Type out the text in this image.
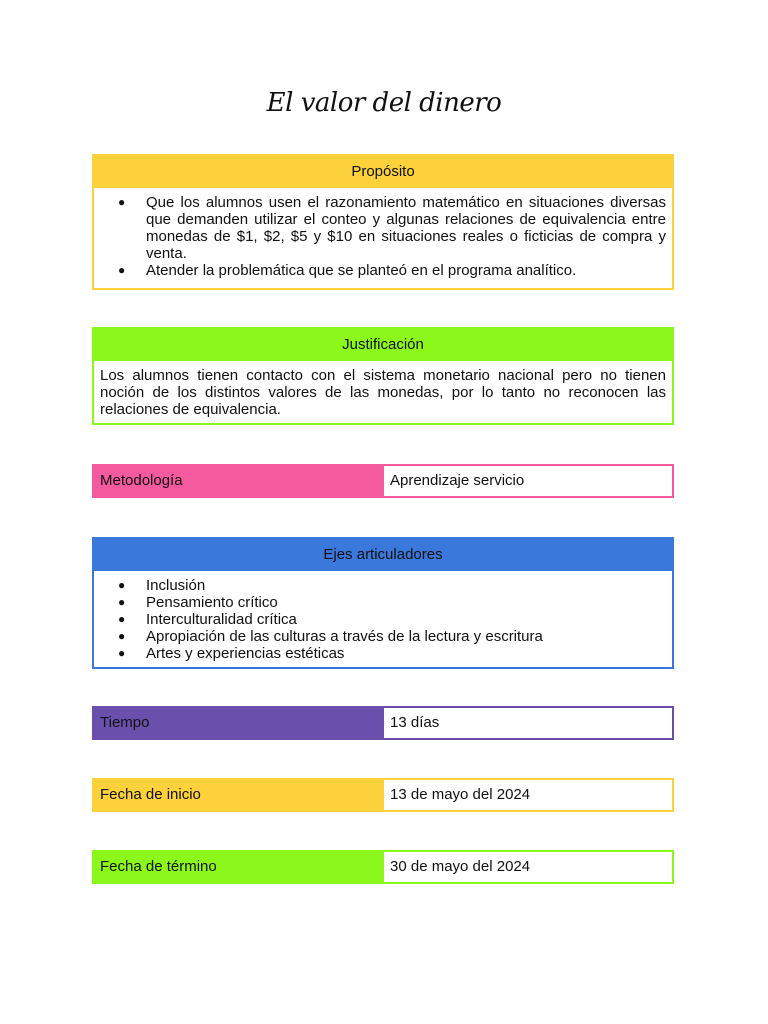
El valor del dinero
Propósito
● Que los alumnos usen el razonamiento matemático en situaciones diversas que demanden utilizar el conteo y algunas relaciones de equivalencia entre monedas de $1, $2, $5 y $10 en situaciones reales o ficticias de compra y venta.
● Atender la problemática que se planteó en el programa analítico.
Justificación
Los alumnos tienen contacto con el sistema monetario nacional pero no tienen noción de los distintos valores de las monedas, por lo tanto no reconocen las relaciones de equivalencia.
Metodología	Aprendizaje servicio
Ejes articuladores
● Inclusión
● Pensamiento crítico
● Interculturalidad crítica
● Apropiación de las culturas a través de la lectura y escritura
● Artes y experiencias estéticas
Tiempo	13 días
Fecha de inicio	13 de mayo del 2024
Fecha de término	30 de mayo del 2024
